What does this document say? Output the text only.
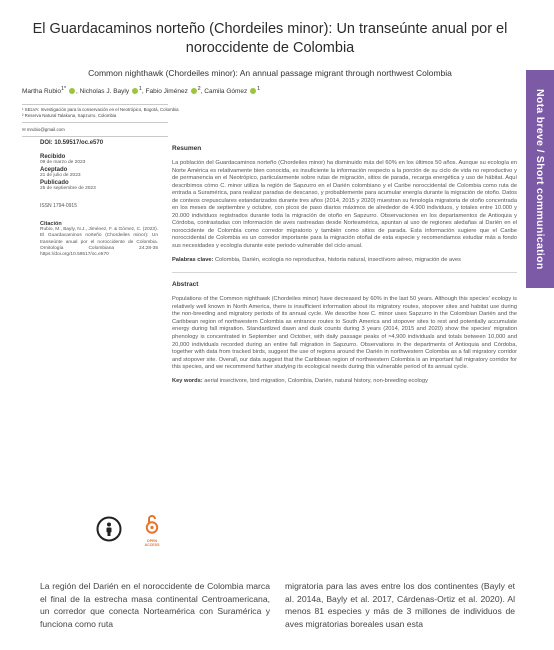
Nota breve / Short communication
El Guardacaminos norteño (Chordeiles minor): Un transeúnte anual por el noroccidente de Colombia
Common nighthawk (Chordeiles minor): An annual passage migrant through northwest Colombia
Martha Rubio$^{1*}$ , Nicholas J. Bayly $^1$, Fabio Jiménez $^2$, Camila Gómez $^1$
¹ SELVA: Investigación para la conservación en el Neotrópico, Bogotá, Colombia
² Reserva Natural Talakuna, Sapzurro, Colombia
✉ mrubio@gmail.com
DOI: 10.59517/oc.e570
Recibido
09 de marzo de 2023
Aceptado
21 de julio de 2023
Publicado
25 de septiembre de 2023
ISSN 1794-0915
Citación
Rubio, M., Bayly, N.J., Jiménez, F. & Gómez, C. (2023). El Guardacaminos norteño (Chordeiles minor): Un transeúnte anual por el noroccidente de Colombia. Ornitología Colombiana 24:28-35 https://doi.org/10.59517/oc.e570
Resumen
La población del Guardacaminos norteño (Chordeiles minor) ha disminuido más del 60% en los últimos 50 años. Aunque su ecología en Norte América es relativamente bien conocida, es insuficiente la información respecto a la porción de su ciclo de vida no reproductivo y de permanencia en el Neotrópico, particularmente sobre rutas de migración, sitios de parada, recarga energética y uso de hábitat. Aquí describimos cómo C. minor utiliza la región de Sapzurro en el Darién colombiano y el Caribe noroccidental de Colombia como ruta de entrada a Suramérica, para realizar paradas de descanso, y probablemente para acumular energía durante la migración de otoño. Datos de conteos crepusculares estandarizados durante tres años (2014, 2015 y 2020) muestran su fenología migratoria de otoño concentrada en los meses de septiembre y octubre, con picos de paso diarios máximos de alrededor de 4.900 individuos, y totales entre 10.000 y 20.000 individuos registrados durante toda la migración de otoño en Sapzurro. Observaciones en los departamentos de Antioquia y Córdoba, contrastadas con información de aves rastreadas desde Norteamérica, apuntan al uso de regiones aledañas al Darién en el noroccidente de Colombia como corredor migratorio y también como sitios de parada. Esta información sugiere que el Caribe noroccidental de Colombia es un corredor importante para la migración otoñal de esta especie y recomendamos estudiar más a fondo sus necesidades y ecología durante este periodo vulnerable del ciclo anual.
Palabras clave: Colombia, Darién, ecología no reproductiva, historia natural, insectívoro aéreo, migración de aves
Abstract
Populations of the Common nighthawk (Chordeiles minor) have decreased by 60% in the last 50 years. Although this species' ecology is relatively well known in North America, there is insufficient information about its migratory routes, stopover sites and habitat use during the non-breeding and migratory periods of its annual cycle. We describe how C. minor uses Sapzurro in the Colombian Darién and the Caribbean region of northwestern Colombia as entrance routes to South America and stopover sites to rest and potentially accumulate energy during fall migration. Standardized dawn and dusk counts during 3 years (2014, 2015 and 2020) show the species' migration phenology is concentrated in September and October, with daily passage peaks of ≈4,900 individuals and totals between 10,000 and 20,000 individuals recorded during an entire fall migration in Sapzurro. Observations in the departments of Antioquia and Córdoba, together with data from tracked birds, suggest the use of regions around the Darién in northwestern Colombia as a fall migratory corridor and stopover site. Overall, our data suggest that the Caribbean region of northwestern Colombia is an important fall migratory corridor for this species, and we recommend further studying its ecological needs during this vulnerable period of its annual cycle.
Key words: aerial insectivore, bird migration, Colombia, Darién, natural history, non-breeding ecology
OPEN
ACCESS
La región del Darién en el noroccidente de Colombia marca el final de la estrecha masa continental Centroamericana, un corredor que conecta Norteamérica con Suramérica y funciona como ruta
migratoria para las aves entre los dos continentes (Bayly et al. 2014a, Bayly et al. 2017, Cárdenas-Ortiz et al. 2020). Al menos 81 especies y más de 3 millones de individuos de aves migratorias boreales usan esta
